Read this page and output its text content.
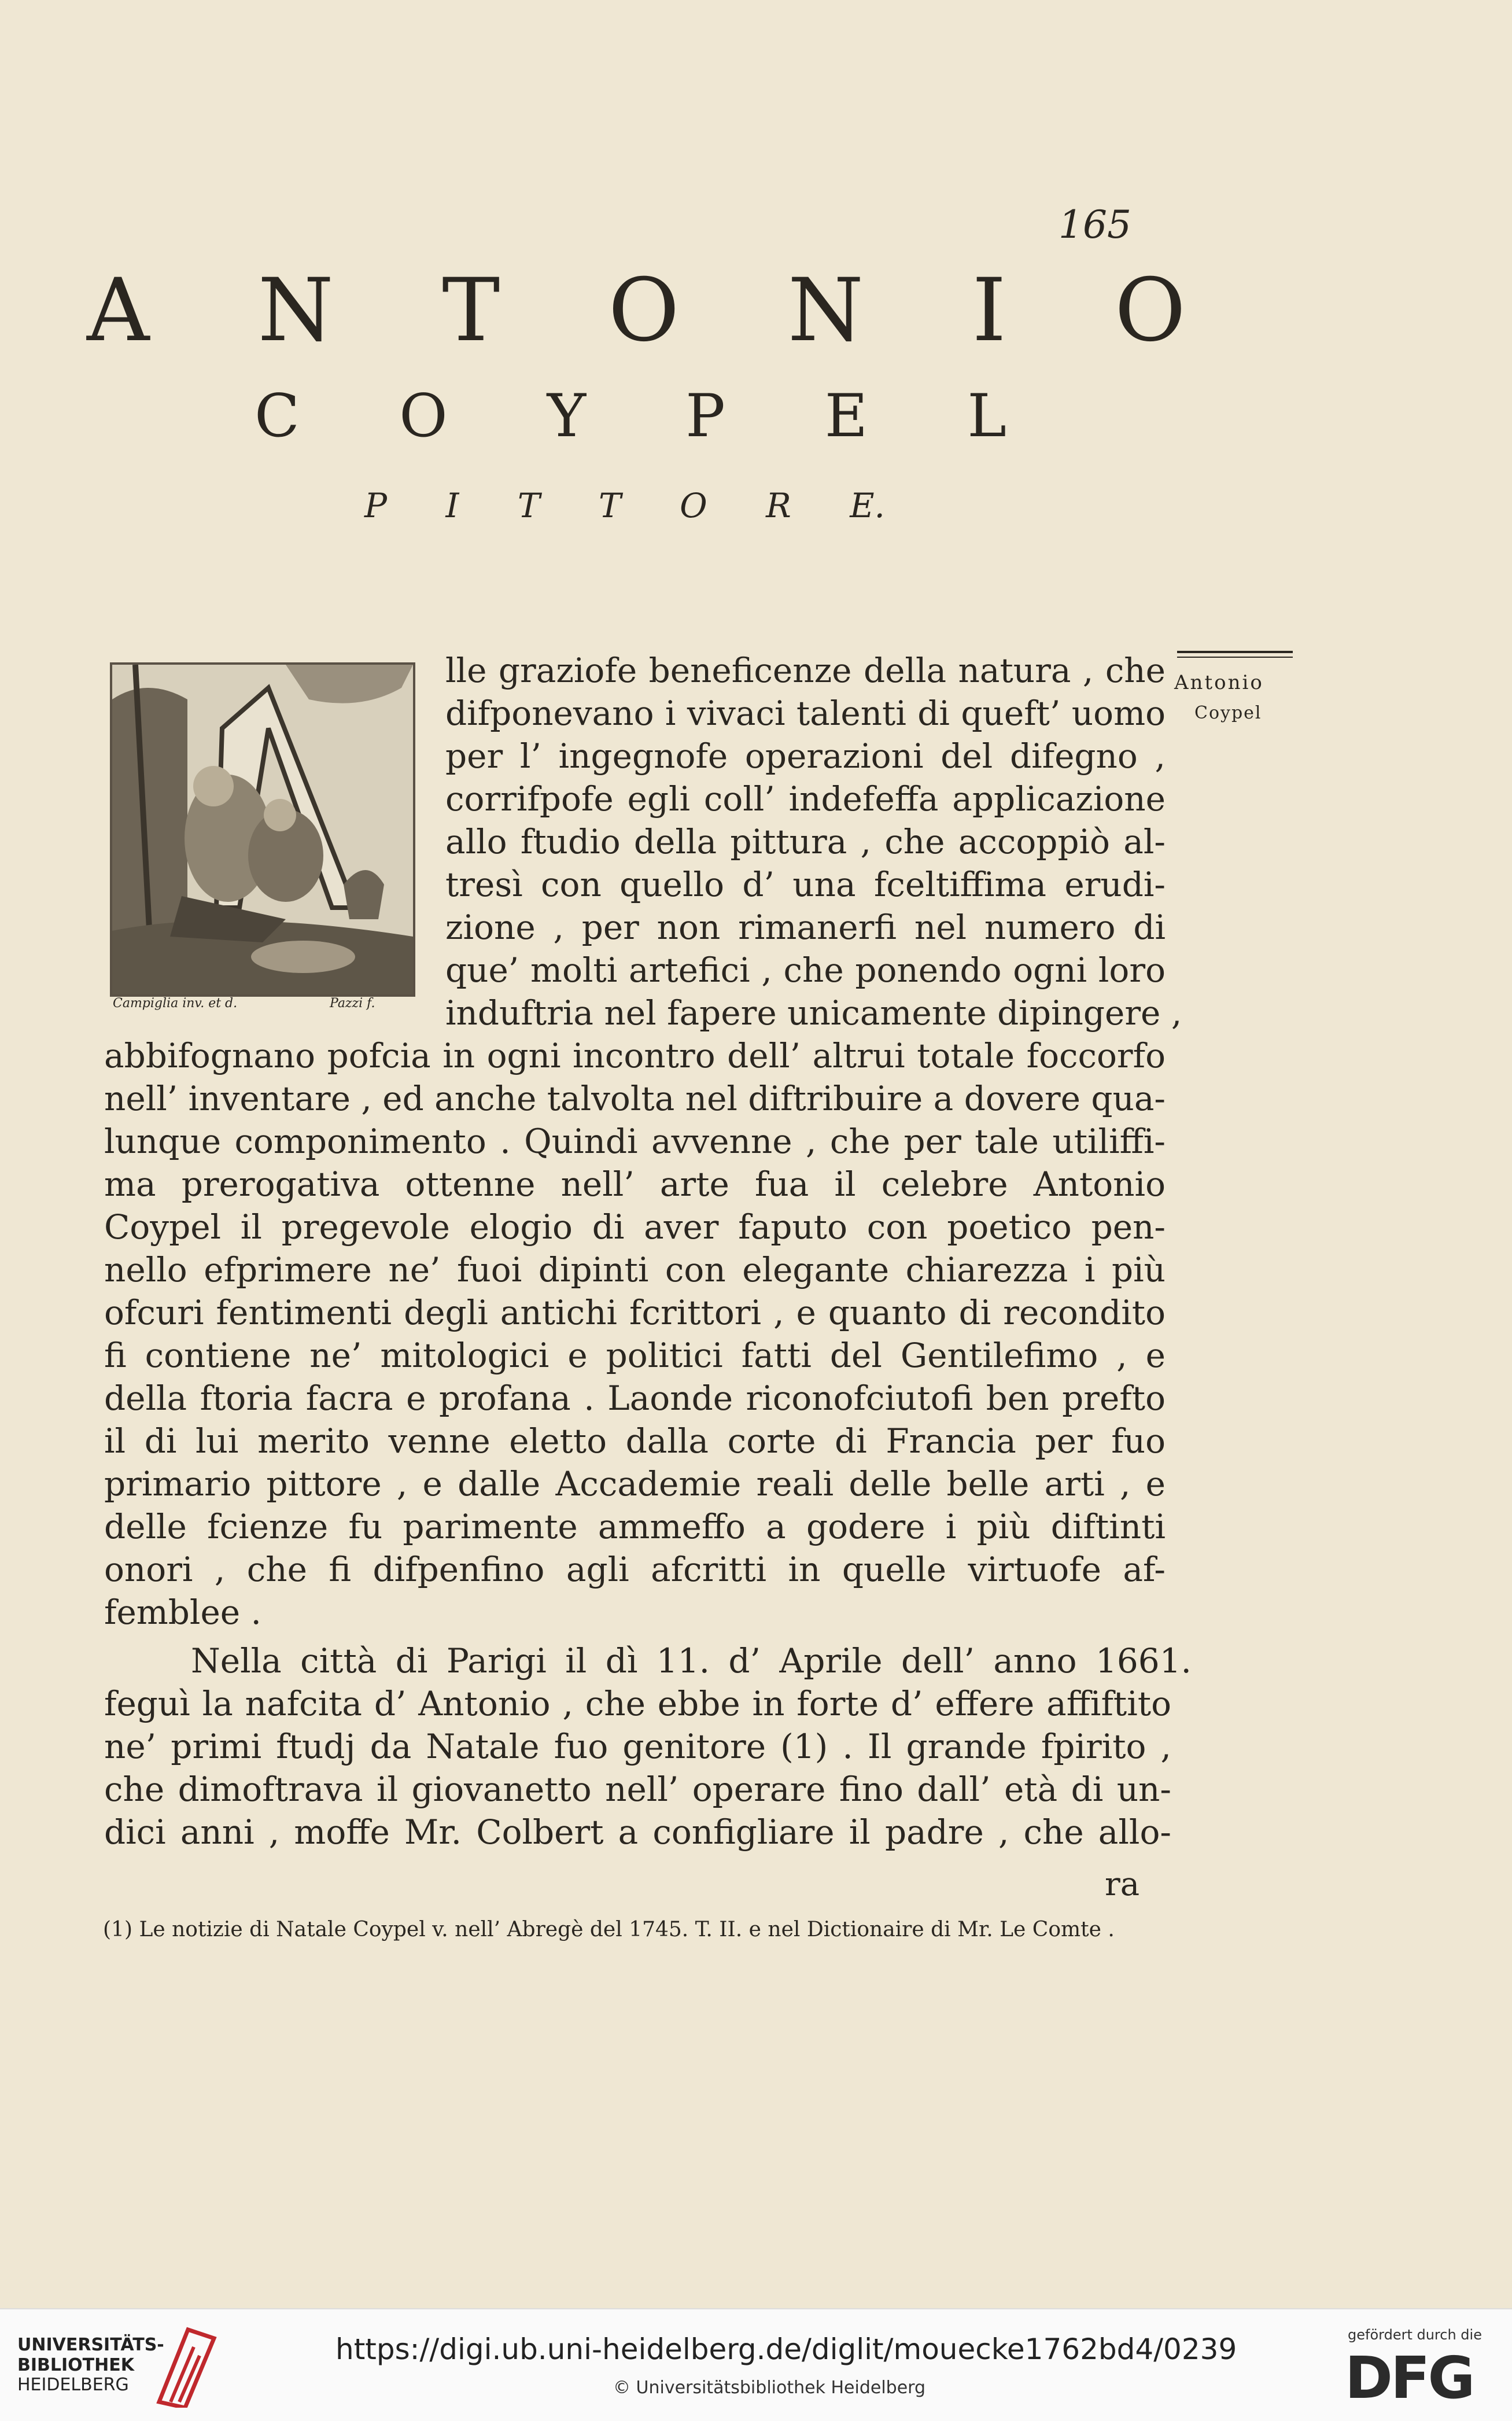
165
A N T O N I O
C O Y P E L
P I T T O R E.
Campiglia inv. et d.	Pazzi f.
Antonio
Coypel
lle graziofe beneficenze della natura , che
difponevano i vivaci talenti di queft’ uomo
per l’ ingegnofe operazioni del difegno ,
corrifpofe egli coll’ indefeffa applicazione
allo ftudio della pittura , che accoppiò al-
tresì con quello d’ una fceltiffima erudi-
zione , per non rimanerfi nel numero di
que’ molti artefici , che ponendo ogni loro
induftria nel fapere unicamente dipingere ,
abbifognano pofcia in ogni incontro dell’ altrui totale foccorfo
nell’ inventare , ed anche talvolta nel diftribuire a dovere qua-
lunque componimento . Quindi avvenne , che per tale utiliffi-
ma prerogativa ottenne nell’ arte fua il celebre Antonio
Coypel il pregevole elogio di aver faputo con poetico pen-
nello efprimere ne’ fuoi dipinti con elegante chiarezza i più
ofcuri fentimenti degli antichi fcrittori , e quanto di recondito
fi contiene ne’ mitologici e politici fatti del Gentilefimo , e
della ftoria facra e profana . Laonde riconofciutofi ben prefto
il di lui merito venne eletto dalla corte di Francia per fuo
primario pittore , e dalle Accademie reali delle belle arti , e
delle fcienze fu parimente ammeffo a godere i più diftinti
onori , che fi difpenfino agli afcritti in quelle virtuofe af-
femblee .
Nella città di Parigi il dì 11. d’ Aprile dell’ anno 1661.
feguì la nafcita d’ Antonio , che ebbe in forte d’ effere affiftito
ne’ primi ftudj da Natale fuo genitore (1) . Il grande fpirito ,
che dimoftrava il giovanetto nell’ operare fino dall’ età di un-
dici anni , moffe Mr. Colbert a configliare il padre , che allo-
ra
(1) Le notizie di Natale Coypel v. nell’ Abregè del 1745. T. II. e nel Dictionaire di Mr. Le Comte .
UNIVERSITÄTS-
BIBLIOTHEK
HEIDELBERG
https://digi.ub.uni-heidelberg.de/diglit/mouecke1762bd4/0239
© Universitätsbibliothek Heidelberg
gefördert durch die
DFG
